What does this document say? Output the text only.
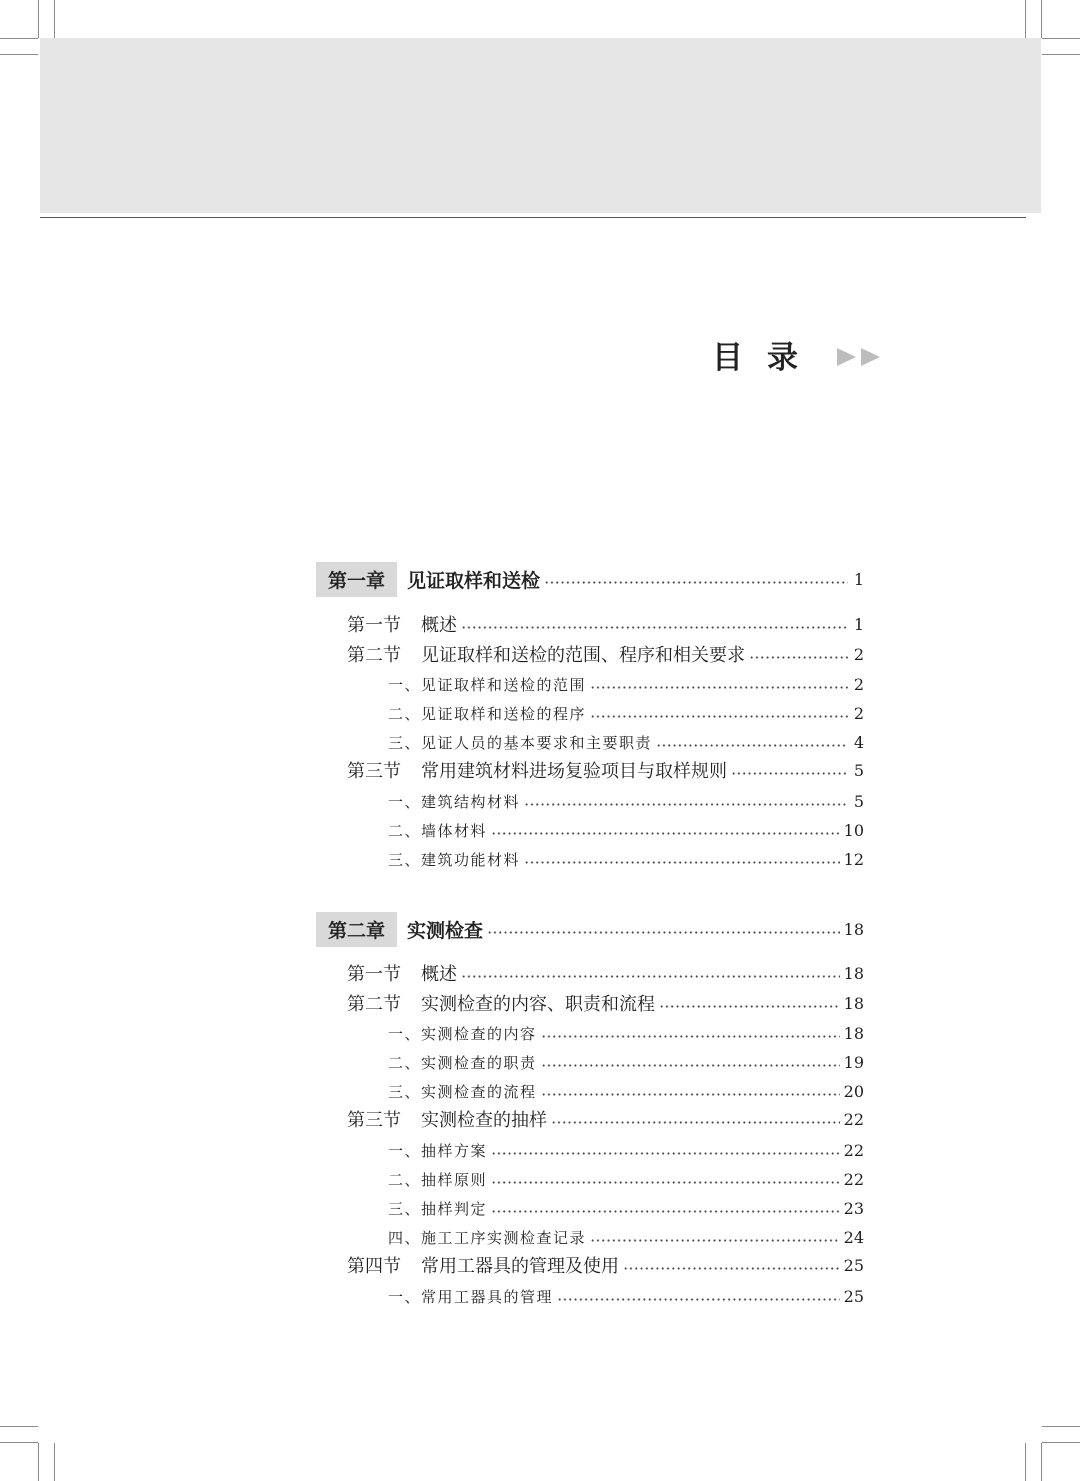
目录
第一章	见证取样和送检	1
第一节 概述	1
第二节 见证取样和送检的范围、程序和相关要求	2
一、见证取样和送检的范围	2
二、见证取样和送检的程序	2
三、见证人员的基本要求和主要职责	4
第三节 常用建筑材料进场复验项目与取样规则	5
一、建筑结构材料	5
二、墙体材料	10
三、建筑功能材料	12
第二章	实测检查	18
第一节 概述	18
第二节 实测检查的内容、职责和流程	18
一、实测检查的内容	18
二、实测检查的职责	19
三、实测检查的流程	20
第三节 实测检查的抽样	22
一、抽样方案	22
二、抽样原则	22
三、抽样判定	23
四、施工工序实测检查记录	24
第四节 常用工器具的管理及使用	25
一、常用工器具的管理	25
